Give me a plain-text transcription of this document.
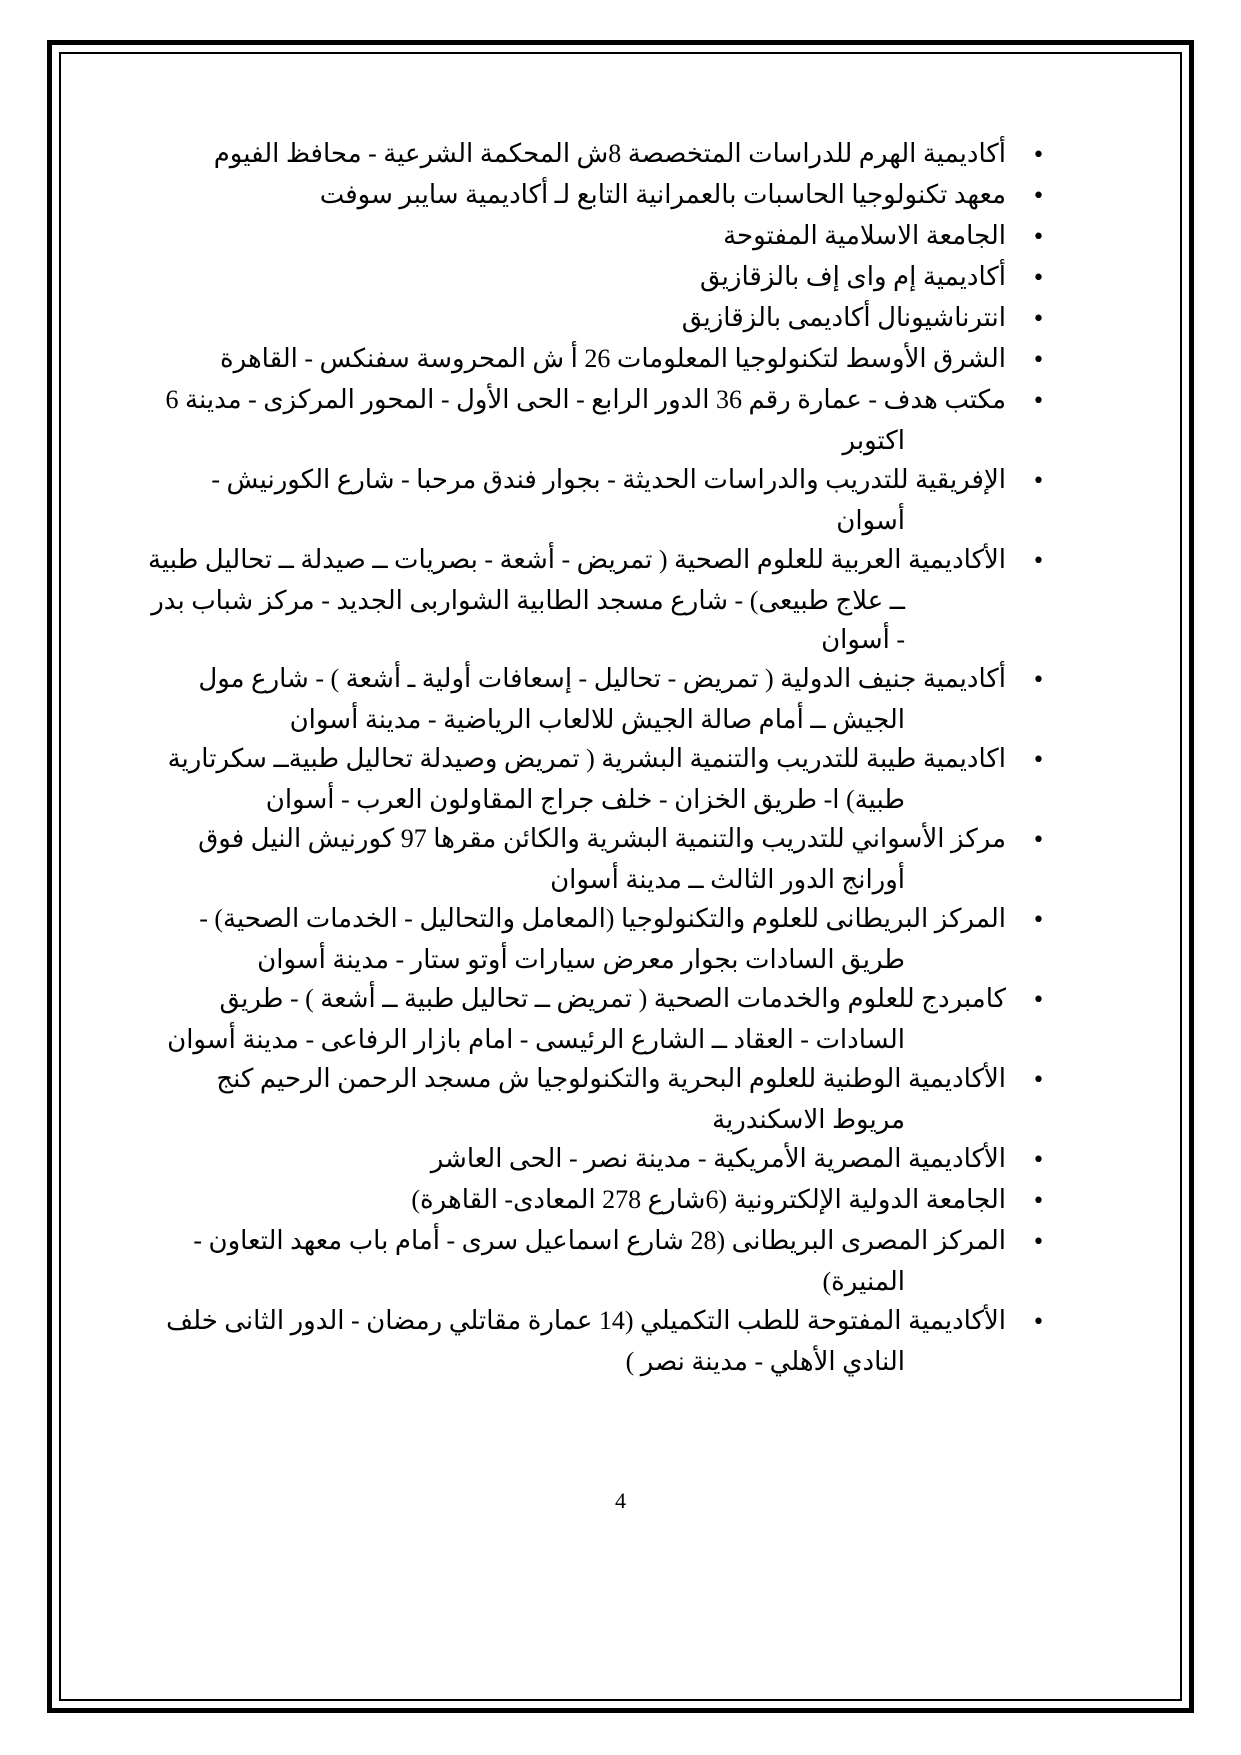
•أكاديمية الهرم للدراسات المتخصصة 8ش المحكمة الشرعية - محافظ الفيوم
•معهد تكنولوجيا الحاسبات بالعمرانية التابع لـ أكاديمية سايبر سوفت
•الجامعة الاسلامية المفتوحة
•أكاديمية إم واى إف بالزقازيق
•انترناشيونال أكاديمى بالزقازيق
•الشرق الأوسط لتكنولوجيا المعلومات 26 أ ش المحروسة سفنكس - القاهرة
•مكتب هدف - عمارة رقم 36 الدور الرابع - الحى الأول - المحور المركزى - مدينة 6 اكتوبر
•الإفريقية للتدريب والدراسات الحديثة - بجوار فندق مرحبا - شارع الكورنيش - أسوان
•الأكاديمية العربية للعلوم الصحية ( تمريض - أشعة - بصريات ــ صيدلة ــ تحاليل طبية ــ علاج طبيعى) - شارع مسجد الطابية الشواربى الجديد - مركز شباب بدر - أسوان
•أكاديمية جنيف الدولية ( تمريض - تحاليل - إسعافات أولية ـ أشعة ) - شارع مول الجيش ــ أمام صالة الجيش للالعاب الرياضية - مدينة أسوان
•اكاديمية طيبة للتدريب والتنمية البشرية ( تمريض وصيدلة تحاليل طبيةــ سكرتارية طبية) ا- طريق الخزان - خلف جراج المقاولون العرب - أسوان
•مركز الأسواني للتدريب والتنمية البشرية والكائن مقرها 97 كورنيش النيل فوق أورانج الدور الثالث ــ مدينة أسوان
•المركز البريطانى للعلوم والتكنولوجيا (المعامل والتحاليل - الخدمات الصحية) - طريق السادات بجوار معرض سيارات أوتو ستار - مدينة أسوان
•كامبردج للعلوم والخدمات الصحية ( تمريض ــ تحاليل طبية ــ أشعة ) - طريق السادات - العقاد ــ الشارع الرئيسى - امام بازار الرفاعى - مدينة أسوان
•الأكاديمية الوطنية للعلوم البحرية والتكنولوجيا ش مسجد الرحمن الرحيم كنج مريوط الاسكندرية
•الأكاديمية المصرية الأمريكية - مدينة نصر - الحى العاشر
•الجامعة الدولية الإلكترونية (6شارع 278 المعادى- القاهرة)
•المركز المصرى البريطانى (28 شارع اسماعيل سرى - أمام باب معهد التعاون - المنيرة)
•الأكاديمية المفتوحة للطب التكميلي (14 عمارة مقاتلي رمضان - الدور الثانى خلف النادي الأهلي - مدينة نصر )
4
